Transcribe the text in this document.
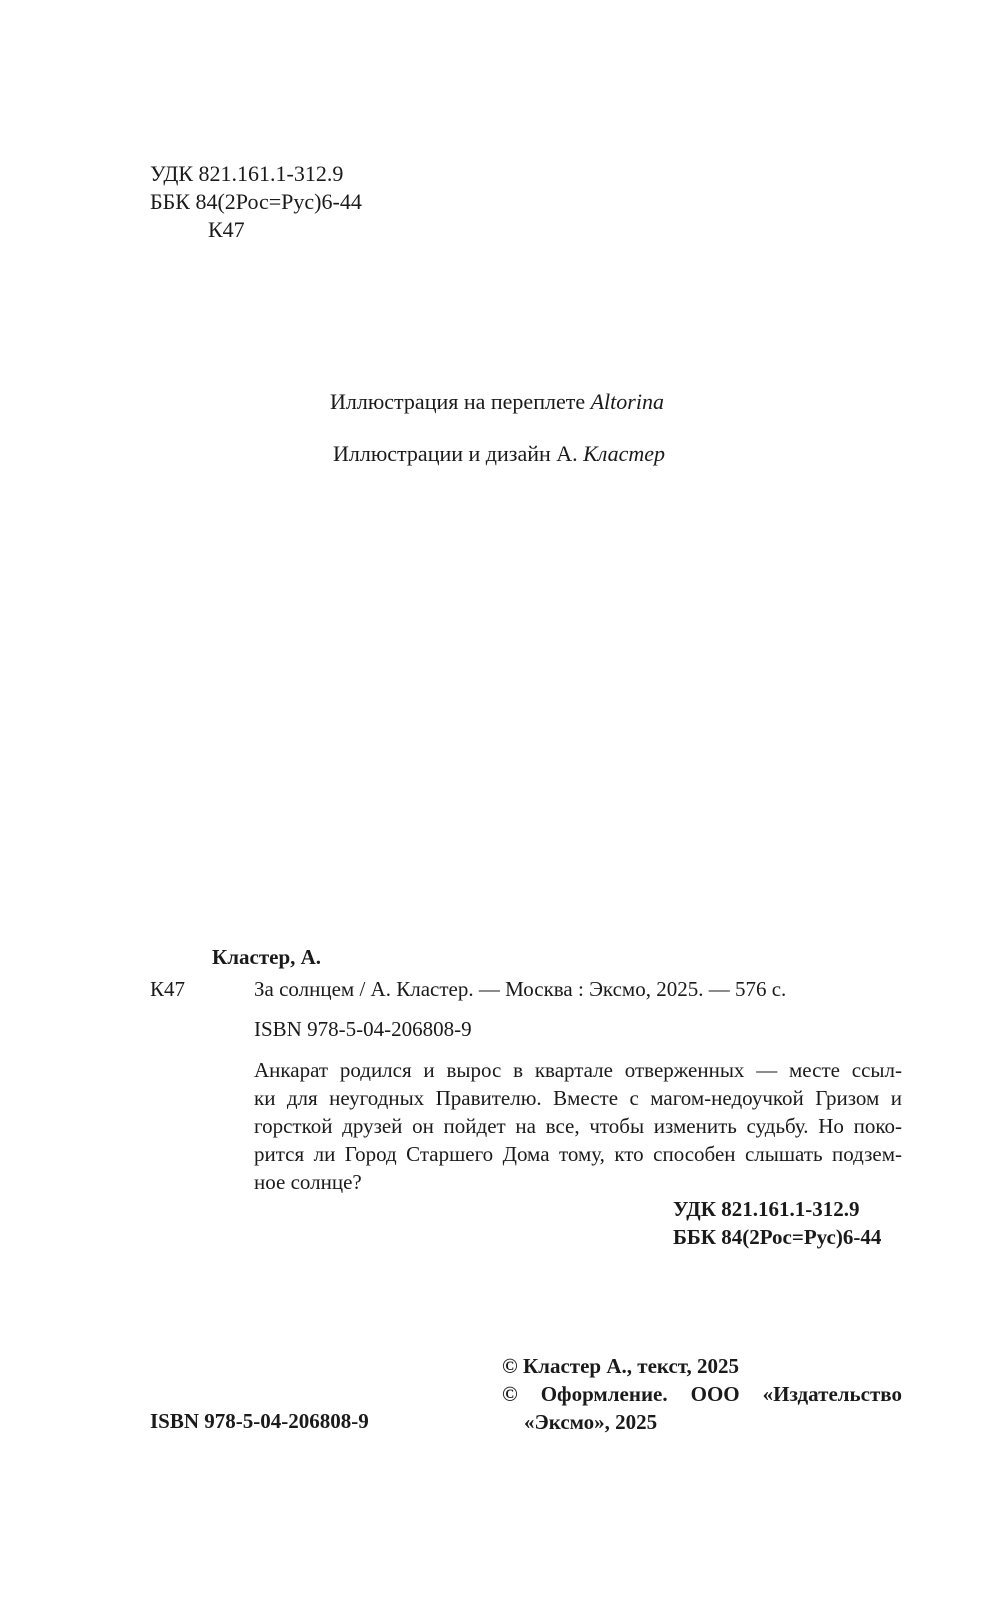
УДК 821.161.1-312.9
ББК 84(2Рос=Рус)6-44
К47
Иллюстрация на переплете Altorina
Иллюстрации и дизайн А. Кластер
Кластер, А.
К47	За солнцем / А. Кластер. — Москва : Эксмо, 2025. — 576 с.
ISBN 978-5-04-206808-9
Анкарат родился и вырос в квартале отверженных — месте ссыл-
ки для неугодных Правителю. Вместе с магом-недоучкой Гризом и
горсткой друзей он пойдет на все, чтобы изменить судьбу. Но поко-
рится ли Город Старшего Дома тому, кто способен слышать подзем-
ное солнце?
УДК 821.161.1-312.9
ББК 84(2Рос=Рус)6-44
© Кластер А., текст, 2025
© Оформление. ООО «Издательство
«Эксмо», 2025
ISBN 978-5-04-206808-9
